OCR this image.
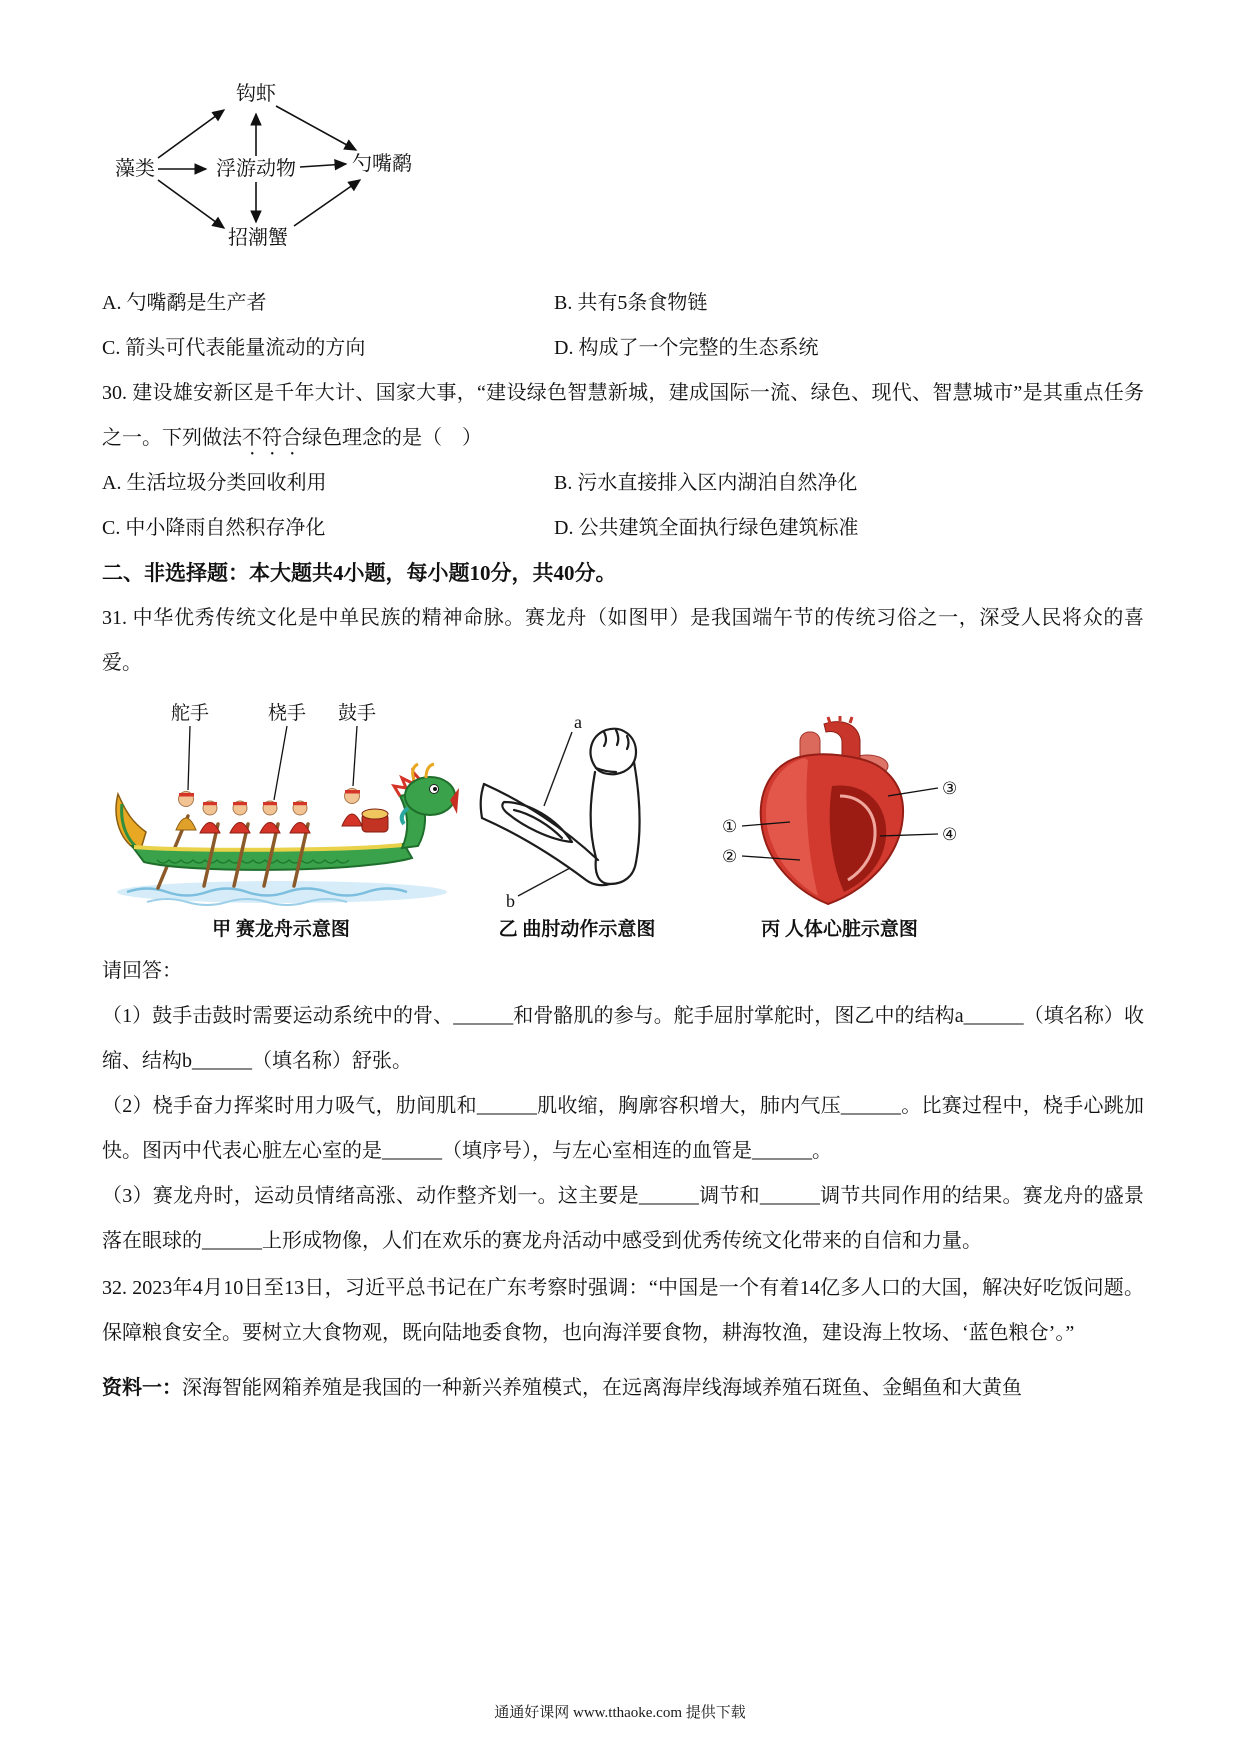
钩虾
藻类	浮游动物	勺嘴鹬
招潮蟹
A. 勺嘴鹬是生产者	B. 共有5条食物链
C. 箭头可代表能量流动的方向	D. 构成了一个完整的生态系统

30. 建设雄安新区是千年大计、国家大事，“建设绿色智慧新城，建成国际一流、绿色、现代、智慧城市”是其重点任务之一。下列做法不符合绿色理念的是（　）

A. 生活垃圾分类回收利用	B. 污水直接排入区内湖泊自然净化
C. 中小降雨自然积存净化	D. 公共建筑全面执行绿色建筑标准
二、非选择题：本大题共4小题，每小题10分，共40分。

31. 中华优秀传统文化是中单民族的精神命脉。赛龙舟（如图甲）是我国端午节的传统习俗之一，深受人民将众的喜爱。

舵手	桡手 鼓手
甲 赛龙舟示意图
a
b
乙 曲肘动作示意图
①
②
③
④
丙 人体心脏示意图

请回答：

（1）鼓手击鼓时需要运动系统中的骨、______和骨骼肌的参与。舵手屈肘掌舵时，图乙中的结构a______（填名称）收缩、结构b______（填名称）舒张。

（2）桡手奋力挥桨时用力吸气，肋间肌和______肌收缩，胸廓容积增大，肺内气压______。比赛过程中，桡手心跳加快。图丙中代表心脏左心室的是______（填序号），与左心室相连的血管是______。

（3）赛龙舟时，运动员情绪高涨、动作整齐划一。这主要是______调节和______调节共同作用的结果。赛龙舟的盛景落在眼球的______上形成物像，人们在欢乐的赛龙舟活动中感受到优秀传统文化带来的自信和力量。

32. 2023年4月10日至13日，习近平总书记在广东考察时强调：“中国是一个有着14亿多人口的大国，解决好吃饭问题。保障粮食安全。要树立大食物观，既向陆地委食物，也向海洋要食物，耕海牧渔，建设海上牧场、‘蓝色粮仓’。”

资料一：深海智能网箱养殖是我国的一种新兴养殖模式，在远离海岸线海域养殖石斑鱼、金鲳鱼和大黄鱼

通通好课网 www.tthaoke.com 提供下载
